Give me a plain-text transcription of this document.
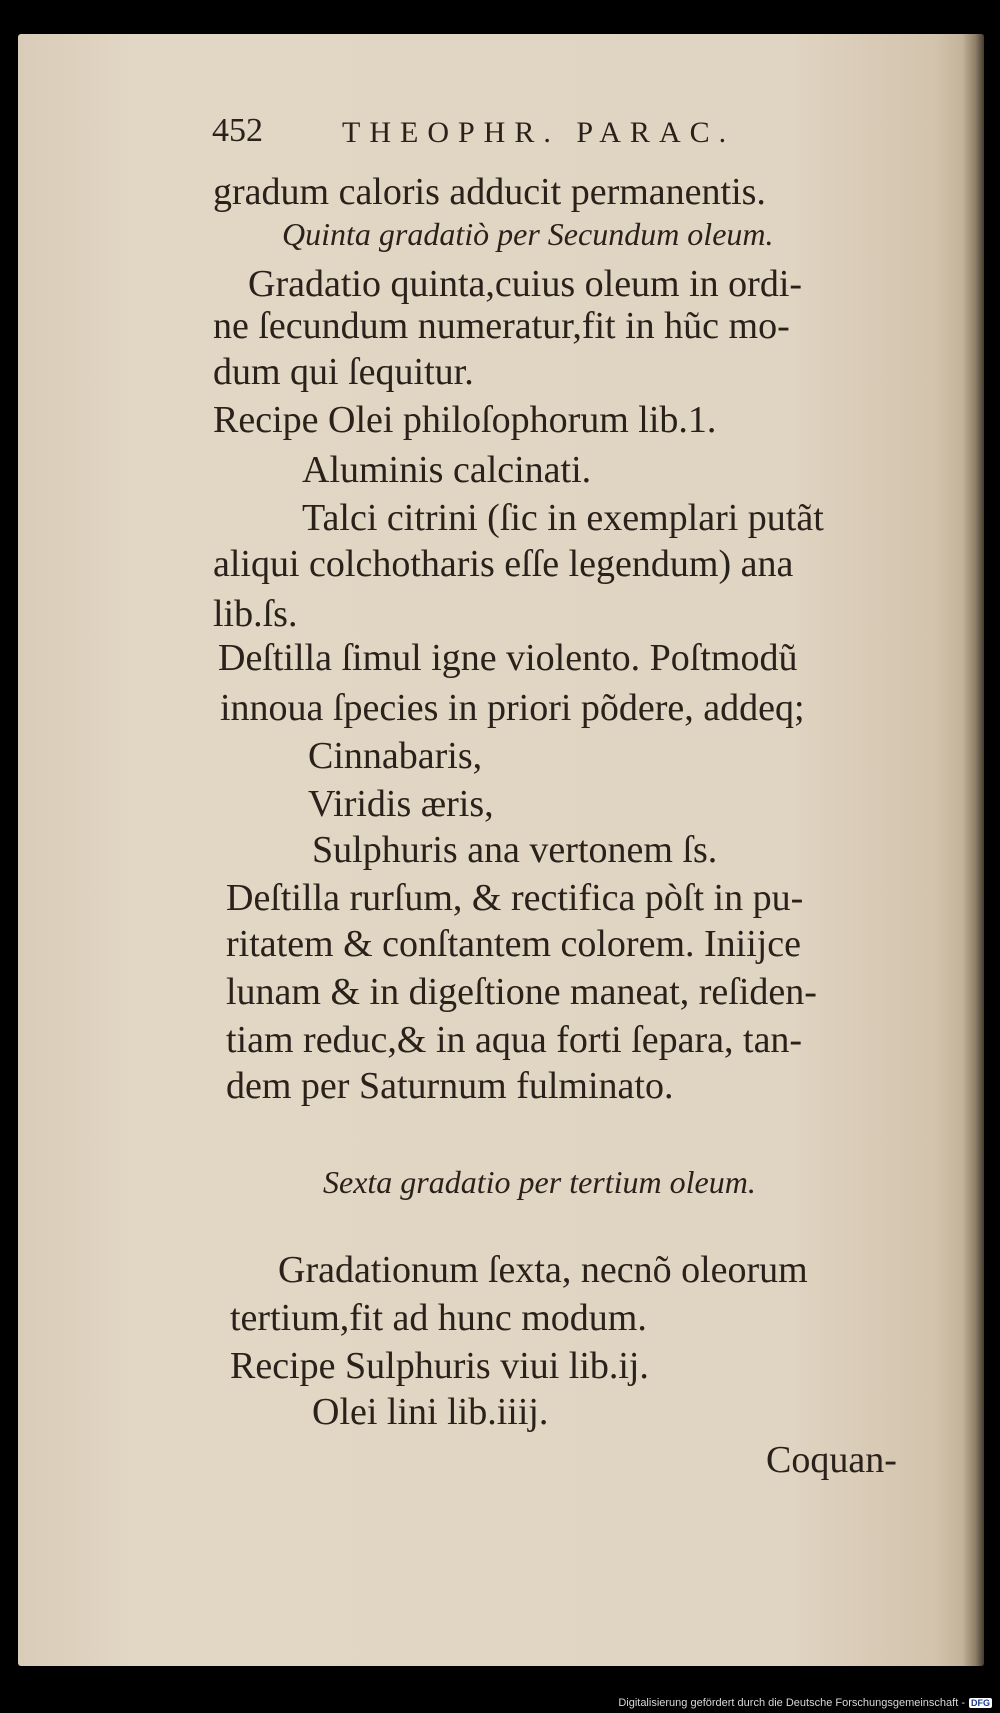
452	THEOPHR. PARAC.
gradum caloris adducit permanentis.
Quinta gradatiò per Secundum oleum.
Gradatio quinta,cuius oleum in ordi-
ne ſecundum numeratur,fit in hũc mo-
dum qui ſequitur.
Recipe Olei philoſophorum lib.1.
Aluminis calcinati.
Talci citrini (ſic in exemplari putãt
aliqui colchotharis eſſe legendum) ana
lib.ſs.
Deſtilla ſimul igne violento. Poſtmodũ
innoua ſpecies in priori põdere, addeq;
Cinnabaris,
Viridis æris,
Sulphuris ana vertonem ſs.
Deſtilla rurſum, & rectifica pòſt in pu-
ritatem & conſtantem colorem. Iniĳce
lunam & in digeſtione maneat, reſiden-
tiam reduc,& in aqua forti ſepara, tan-
dem per Saturnum fulminato.
Sexta gradatio per tertium oleum.
Gradationum ſexta, necnõ oleorum
tertium,fit ad hunc modum.
Recipe Sulphuris viui lib.ĳ.
Olei lini lib.iiĳ.
Coquan-
Digitalisierung gefördert durch die Deutsche Forschungsgemeinschaft - DFG
